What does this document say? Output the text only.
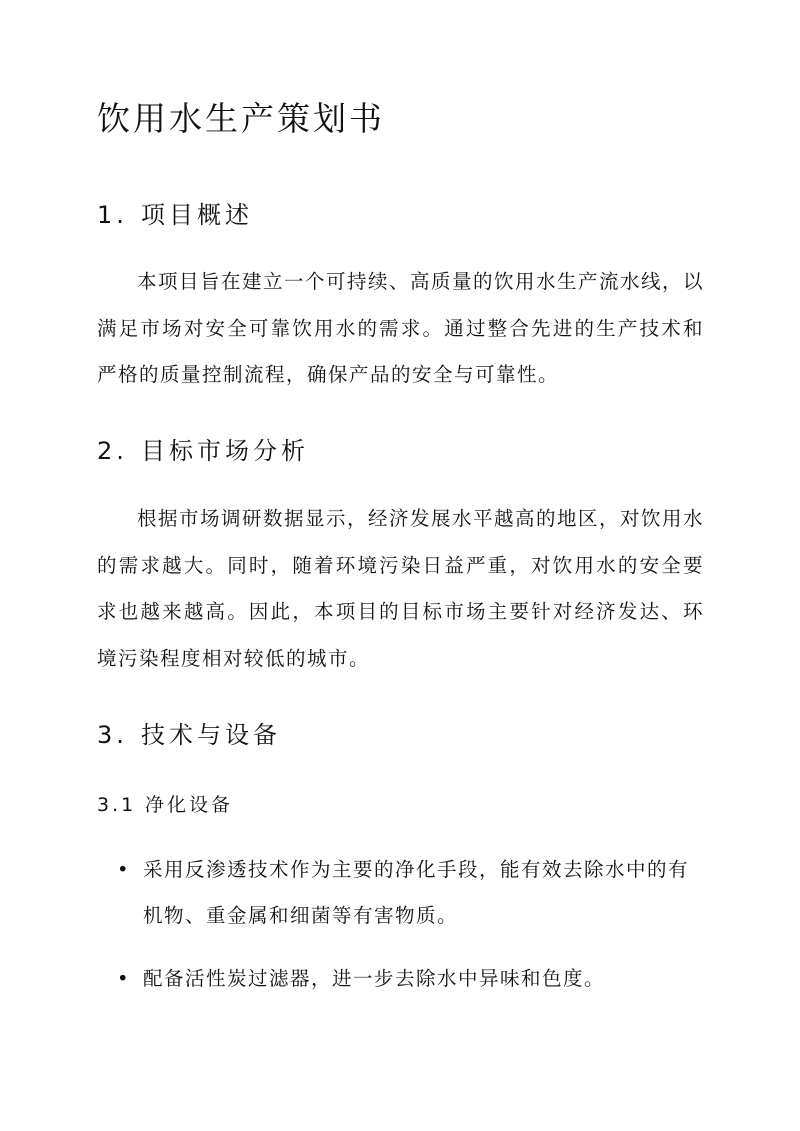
饮用水生产策划书
1. 项目概述

本项目旨在建立一个可持续、高质量的饮用水生产流水线，以满足市场对安全可靠饮用水的需求。通过整合先进的生产技术和严格的质量控制流程，确保产品的安全与可靠性。

2. 目标市场分析

根据市场调研数据显示，经济发展水平越高的地区，对饮用水的需求越大。同时，随着环境污染日益严重，对饮用水的安全要求也越来越高。因此，本项目的目标市场主要针对经济发达、环境污染程度相对较低的城市。

3. 技术与设备
3.1 净化设备
• 采用反渗透技术作为主要的净化手段，能有效去除水中的有机物、重金属和细菌等有害物质。
• 配备活性炭过滤器，进一步去除水中异味和色度。
